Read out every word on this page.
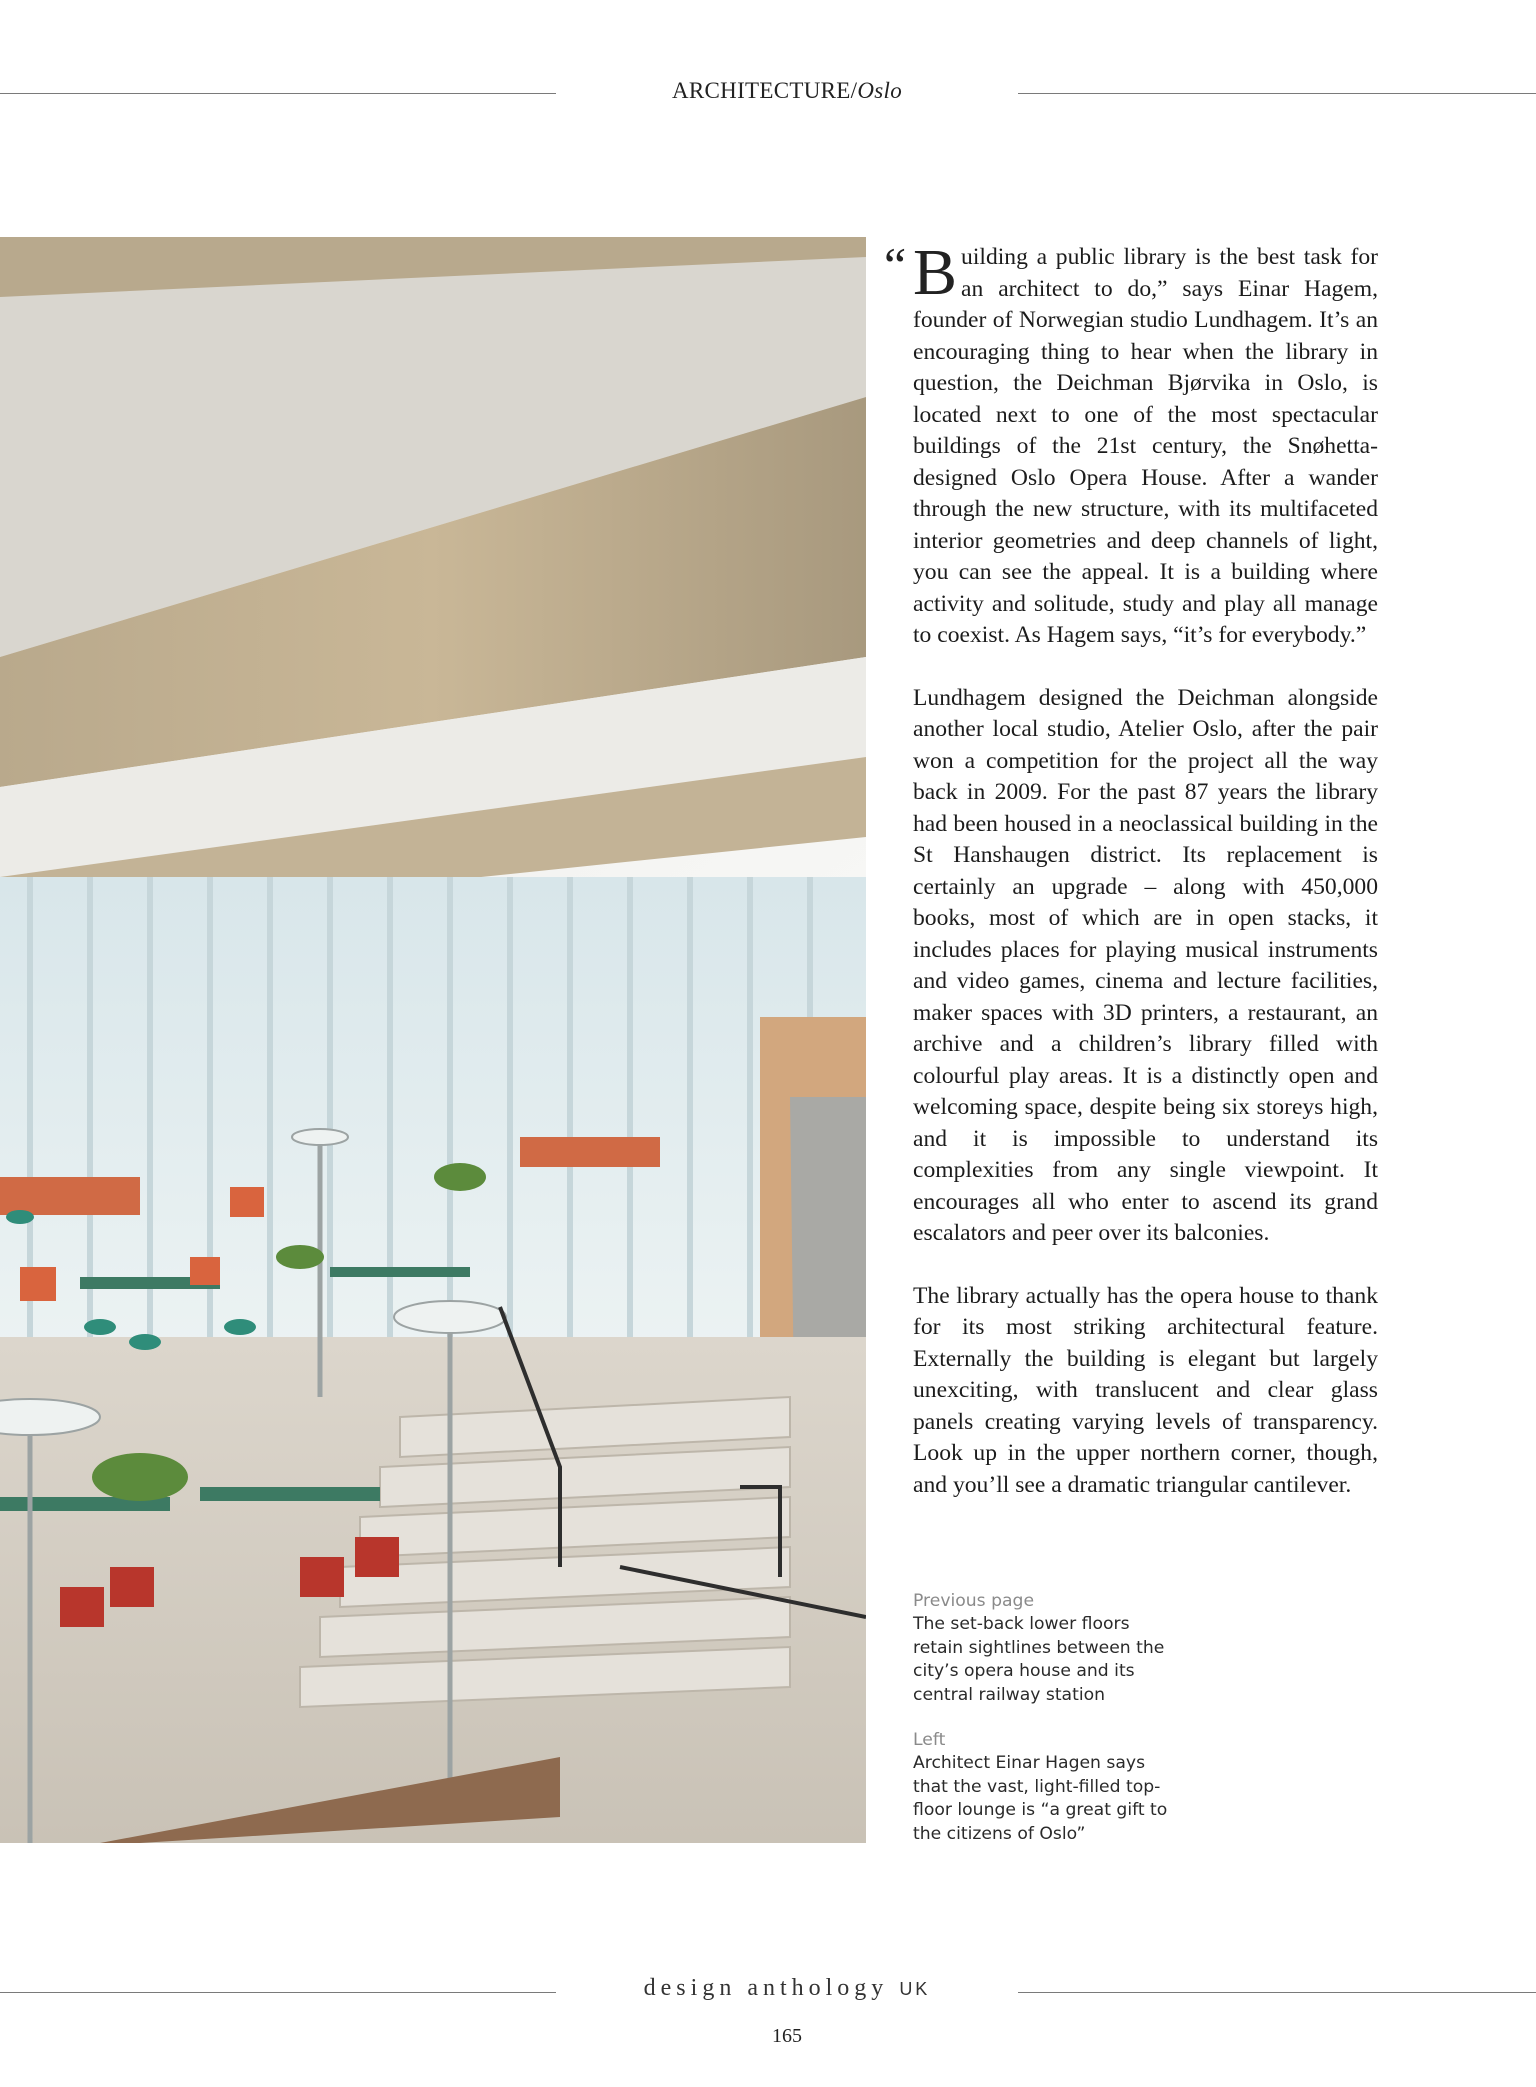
ARCHITECTURE/Oslo

“ B uilding a public library is the best task for an architect to do,” says Einar Hagem, founder of Norwegian studio Lundhagem. It’s an encouraging thing to hear when the library in question, the Deichman Bjørvika in Oslo, is located next to one of the most spectacular buildings of the 21st century, the Snøhetta-designed Oslo Opera House. After a wander through the new structure, with its multifaceted interior geometries and deep channels of light, you can see the appeal. It is a building where activity and solitude, study and play all manage to coexist. As Hagem says, “it’s for everybody.”

Lundhagem designed the Deichman alongside another local studio, Atelier Oslo, after the pair won a competition for the project all the way back in 2009. For the past 87 years the library had been housed in a neoclassical building in the St Hanshaugen district. Its replacement is certainly an upgrade – along with 450,000 books, most of which are in open stacks, it includes places for playing musical instruments and video games, cinema and lecture facilities, maker spaces with 3D printers, a restaurant, an archive and a children’s library filled with colourful play areas. It is a distinctly open and welcoming space, despite being six storeys high, and it is impossible to understand its complexities from any single viewpoint. It encourages all who enter to ascend its grand escalators and peer over its balconies.

The library actually has the opera house to thank for its most striking architectural feature. Externally the building is elegant but largely unexciting, with translucent and clear glass panels creating varying levels of transparency. Look up in the upper northern corner, though, and you’ll see a dramatic triangular cantilever.

Previous page
The set-back lower floors retain sightlines between the city’s opera house and its central railway station
Left
Architect Einar Hagen says that the vast, light-filled top-floor lounge is “a great gift to the citizens of Oslo”
design anthology UK
165
